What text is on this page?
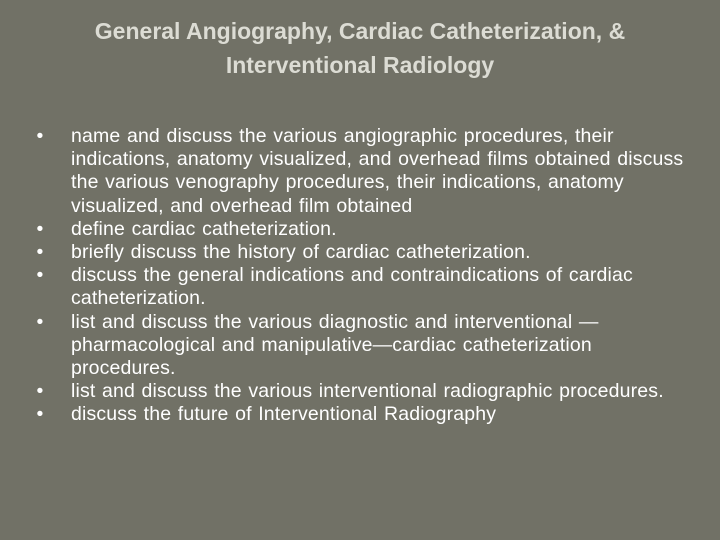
General Angiography, Cardiac Catheterization, &
Interventional Radiology
•	name and discuss the various angiographic procedures, their indications, anatomy visualized, and overhead films obtained discuss the various venography procedures, their indications, anatomy visualized, and overhead film obtained
•	define cardiac catheterization.
•	briefly discuss the history of cardiac catheterization.
•	discuss the general indications and contraindications of cardiac catheterization.
•	list and discuss the various diagnostic and interventional —pharmacological and manipulative—cardiac catheterization procedures.
•	list and discuss the various interventional radiographic procedures.
•	discuss the future of Interventional Radiography
